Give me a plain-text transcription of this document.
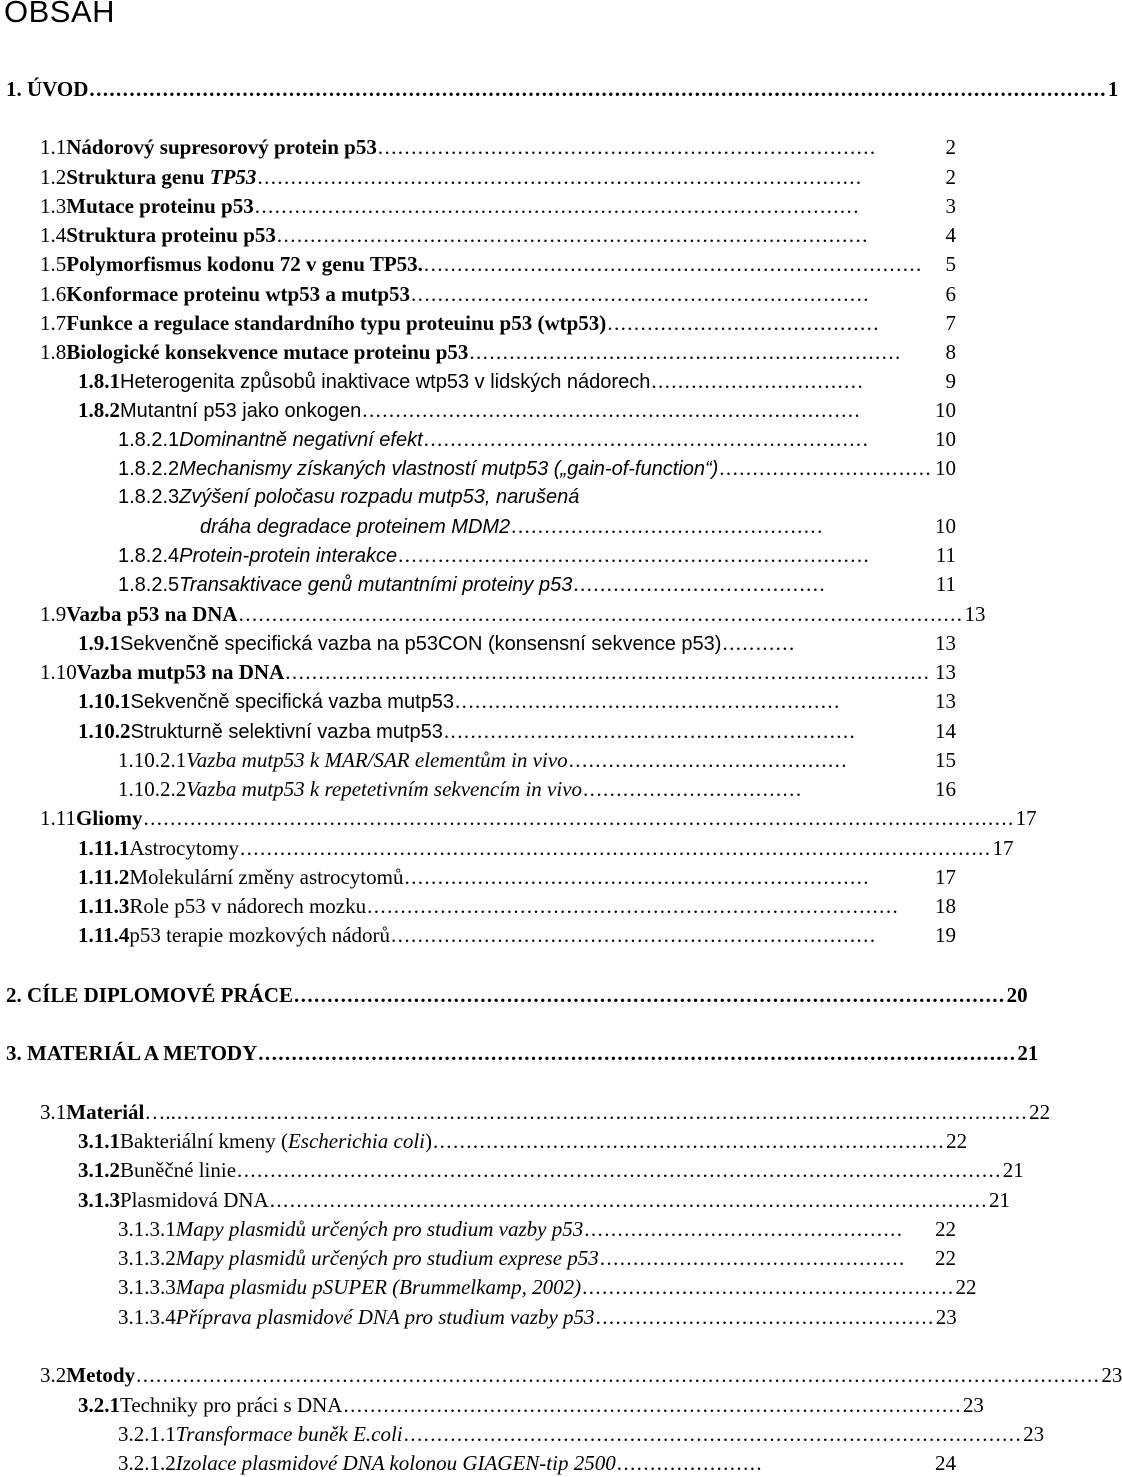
OBSAH
1. ÚVOD ......................................................................................................................................................... 1
1.1 Nádorový supresorový protein p53 ...........................................................................	2
1.2 Struktura genu TP53 ...........................................................................................	2
1.3 Mutace proteinu p53 ...........................................................................................	3
1.4 Struktura proteinu p53 .........................................................................................	4
1.5 Polymorfismus kodonu 72 v genu TP53. ...........................................................................	5
1.6 Konformace proteinu wtp53 a mutp53 .....................................................................	6
1.7 Funkce a regulace standardního typu proteuinu p53 (wtp53) .........................................	7
1.8 Biologické konsekvence mutace proteinu p53 .................................................................	8
1.8.1 Heterogenita způsobů inaktivace wtp53 v lidských nádorech ................................	9
1.8.2 Mutantní p53 jako onkogen ...........................................................................	10
1.8.2.1 Dominantně negativní efekt ...................................................................	10
1.8.2.2 Mechanismy získaných vlastností mutp53 („gain-of-function“) ................................ 10
1.8.2.3 Zvýšení poločasu rozpadu mutp53, narušená
dráha degradace proteinem MDM2 ...............................................	10
1.8.2.4 Protein-protein interakce .......................................................................	11
1.8.2.5 Transaktivace genů mutantními proteiny p53 ......................................	11
1.9 Vazba p53 na DNA ............................................................................................................. 13
1.9.1 Sekvenčně specifická vazba na p53CON (konsensní sekvence p53) ...........	13
1.10 Vazba mutp53 na DNA ................................................................................................. 13
1.10.1 Sekvenčně specifická vazba mutp53 ..........................................................	13
1.10.2 Strukturně selektivní vazba mutp53 ..............................................................	14
1.10.2.1 Vazba mutp53 k MAR/SAR elementům in vivo ..........................................	15
1.10.2.2 Vazba mutp53 k repetetivním sekvencím in vivo .................................	16
1.11 Gliomy ................................................................................................................................... 17
1.11.1 Astrocytomy ................................................................................................................. 17
1.11.2 Molekulární změny astrocytomů ......................................................................	17
1.11.3 Role p53 v nádorech mozku ................................................................................	18
1.11.4 p53 terapie mozkových nádorů .........................................................................	19
2. CÍLE DIPLOMOVÉ PRÁCE ........................................................................................................... 20
3. MATERIÁL A METODY .................................................................................................................. 21
3.1 Materiál….. ................................................................................................................................ 22
3.1.1 Bakteriální kmeny (Escherichia coli) ............................................................................. 22
3.1.2 Buněčné linie ................................................................................................................... 21
3.1.3 Plasmidová DNA ............................................................................................................ 21
3.1.3.1 Mapy plasmidů určených pro studium vazby p53 ................................................	22
3.1.3.2 Mapy plasmidů určených pro studium exprese p53 ..............................................	22
3.1.3.3 Mapa plasmidu pSUPER (Brummelkamp, 2002) ........................................................ 22
3.1.3.4 Příprava plasmidové DNA pro studium vazby p53 ................................................... 23
3.2 Metody ................................................................................................................................................. 23
3.2.1 Techniky pro práci s DNA ............................................................................................. 23
3.2.1.1 Transformace buněk E.coli ............................................................................................. 23
3.2.1.2 Izolace plasmidové DNA kolonou GIAGEN-tip 2500 ......................	24
